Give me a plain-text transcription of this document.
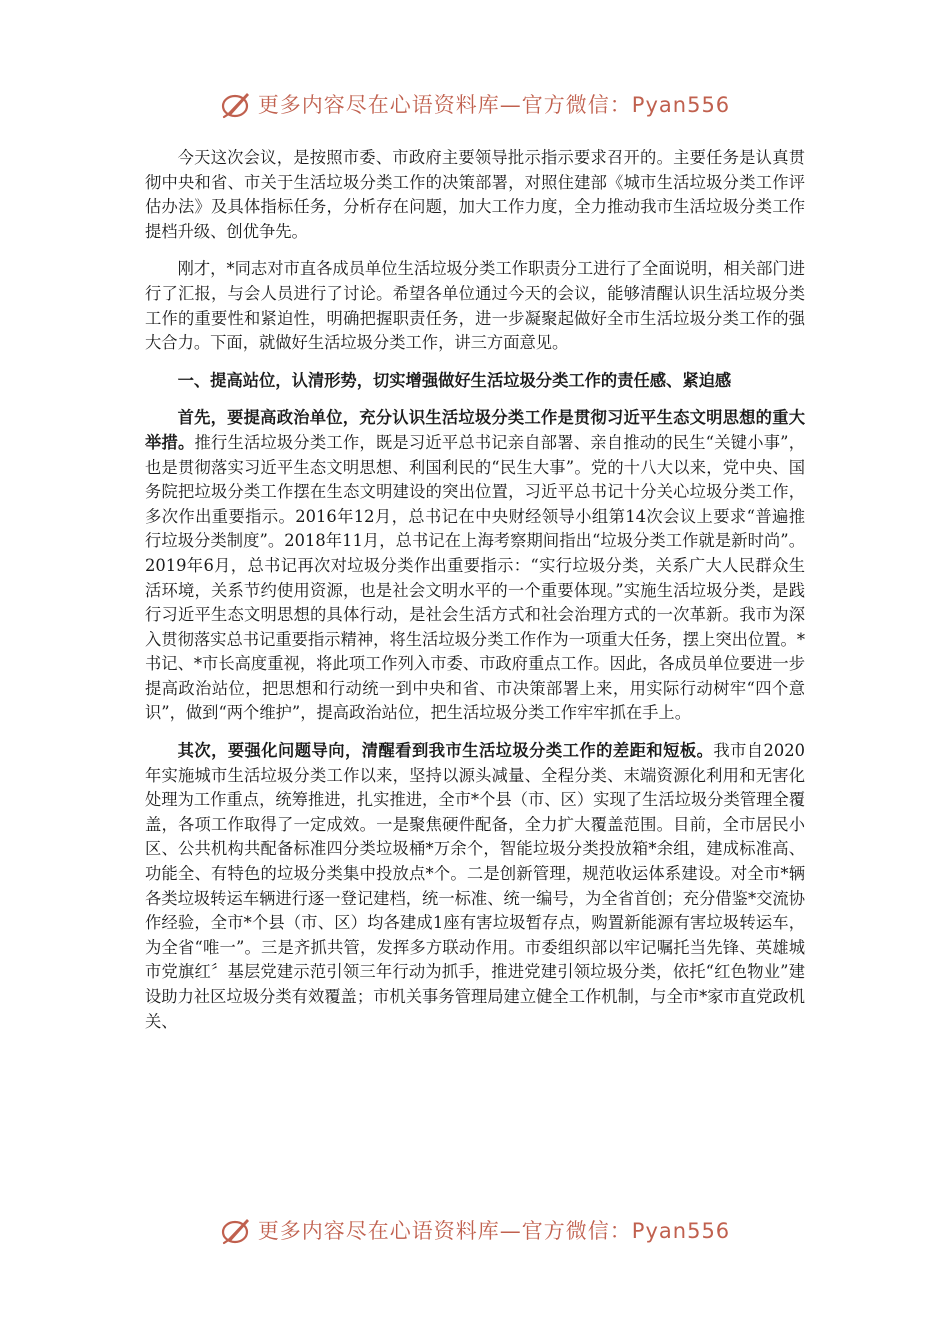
更多内容尽在心语资料库—官方微信：Pyan556

今天这次会议，是按照市委、市政府主要领导批示指示要求召开的。主要任务是认真贯彻中央和省、市关于生活垃圾分类工作的决策部署，对照住建部《城市生活垃圾分类工作评估办法》及具体指标任务，分析存在问题，加大工作力度，全力推动我市生活垃圾分类工作提档升级、创优争先。

刚才，*同志对市直各成员单位生活垃圾分类工作职责分工进行了全面说明，相关部门进行了汇报，与会人员进行了讨论。希望各单位通过今天的会议，能够清醒认识生活垃圾分类工作的重要性和紧迫性，明确把握职责任务，进一步凝聚起做好全市生活垃圾分类工作的强大合力。下面，就做好生活垃圾分类工作，讲三方面意见。

一、提高站位，认清形势，切实增强做好生活垃圾分类工作的责任感、紧迫感

首先，要提高政治单位，充分认识生活垃圾分类工作是贯彻习近平生态文明思想的重大举措。推行生活垃圾分类工作，既是习近平总书记亲自部署、亲自推动的民生“关键小事”，也是贯彻落实习近平生态文明思想、利国利民的“民生大事”。党的十八大以来，党中央、国务院把垃圾分类工作摆在生态文明建设的突出位置，习近平总书记十分关心垃圾分类工作，多次作出重要指示。2016年12月，总书记在中央财经领导小组第14次会议上要求“普遍推行垃圾分类制度”。2018年11月，总书记在上海考察期间指出“垃圾分类工作就是新时尚”。2019年6月，总书记再次对垃圾分类作出重要指示：“实行垃圾分类，关系广大人民群众生活环境，关系节约使用资源，也是社会文明水平的一个重要体现。”实施生活垃圾分类，是践行习近平生态文明思想的具体行动，是社会生活方式和社会治理方式的一次革新。我市为深入贯彻落实总书记重要指示精神，将生活垃圾分类工作作为一项重大任务，摆上突出位置。*书记、*市长高度重视，将此项工作列入市委、市政府重点工作。因此，各成员单位要进一步提高政治站位，把思想和行动统一到中央和省、市决策部署上来，用实际行动树牢“四个意识”，做到“两个维护”，提高政治站位，把生活垃圾分类工作牢牢抓在手上。

其次，要强化问题导向，清醒看到我市生活垃圾分类工作的差距和短板。我市自2020年实施城市生活垃圾分类工作以来，坚持以源头减量、全程分类、末端资源化利用和无害化处理为工作重点，统筹推进，扎实推进，全市*个县（市、区）实现了生活垃圾分类管理全覆盖，各项工作取得了一定成效。一是聚焦硬件配备，全力扩大覆盖范围。目前，全市居民小区、公共机构共配备标准四分类垃圾桶*万余个，智能垃圾分类投放箱*余组，建成标准高、功能全、有特色的垃圾分类集中投放点*个。二是创新管理，规范收运体系建设。对全市*辆各类垃圾转运车辆进行逐一登记建档，统一标准、统一编号，为全省首创；充分借鉴*交流协作经验，全市*个县（市、区）均各建成1座有害垃圾暂存点，购置新能源有害垃圾转运车，为全省“唯一”。三是齐抓共管，发挥多方联动作用。市委组织部以牢记嘱托当先锋、英雄城市党旗红〞基层党建示范引领三年行动为抓手，推进党建引领垃圾分类，依托“红色物业”建设助力社区垃圾分类有效覆盖；市机关事务管理局建立健全工作机制，与全市*家市直党政机关、

更多内容尽在心语资料库—官方微信：Pyan556
